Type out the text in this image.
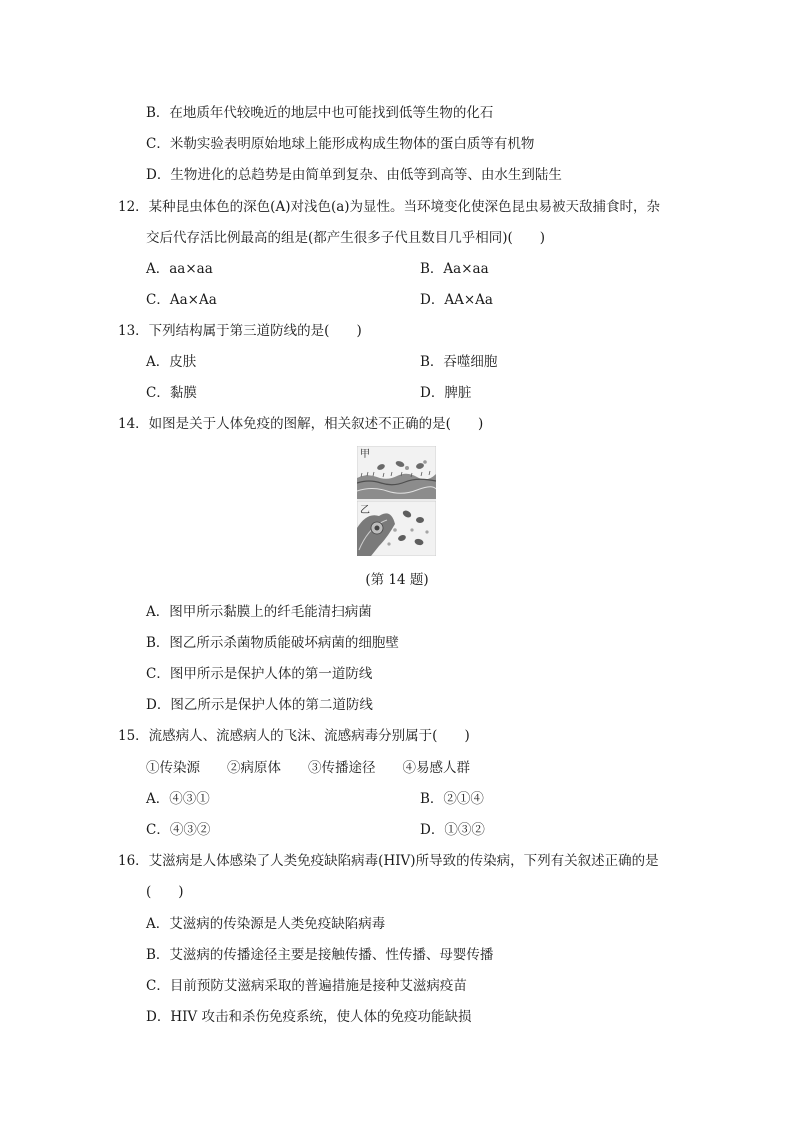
B．在地质年代较晚近的地层中也可能找到低等生物的化石
C．米勒实验表明原始地球上能形成构成生物体的蛋白质等有机物
D．生物进化的总趋势是由简单到复杂、由低等到高等、由水生到陆生
12．某种昆虫体色的深色(A)对浅色(a)为显性。当环境变化使深色昆虫易被天敌捕食时，杂
交后代存活比例最高的组是(都产生很多子代且数目几乎相同)(　　)
A．aa×aa	B．Aa×aa
C．Aa×Aa	D．AA×Aa
13．下列结构属于第三道防线的是(　　)
A．皮肤	B．吞噬细胞
C．黏膜	D．脾脏
14．如图是关于人体免疫的图解，相关叙述不正确的是(　　)
甲
乙
(第 14 题)
A．图甲所示黏膜上的纤毛能清扫病菌
B．图乙所示杀菌物质能破坏病菌的细胞壁
C．图甲所示是保护人体的第一道防线
D．图乙所示是保护人体的第二道防线
15．流感病人、流感病人的飞沫、流感病毒分别属于(　　)
①传染源　　②病原体　　③传播途径　　④易感人群
A．④③①	B．②①④
C．④③②	D．①③②
16．艾滋病是人体感染了人类免疫缺陷病毒(HIV)所导致的传染病，下列有关叙述正确的是
(　　)
A．艾滋病的传染源是人类免疫缺陷病毒
B．艾滋病的传播途径主要是接触传播、性传播、母婴传播
C．目前预防艾滋病采取的普遍措施是接种艾滋病疫苗
D．HIV 攻击和杀伤免疫系统，使人体的免疫功能缺损
